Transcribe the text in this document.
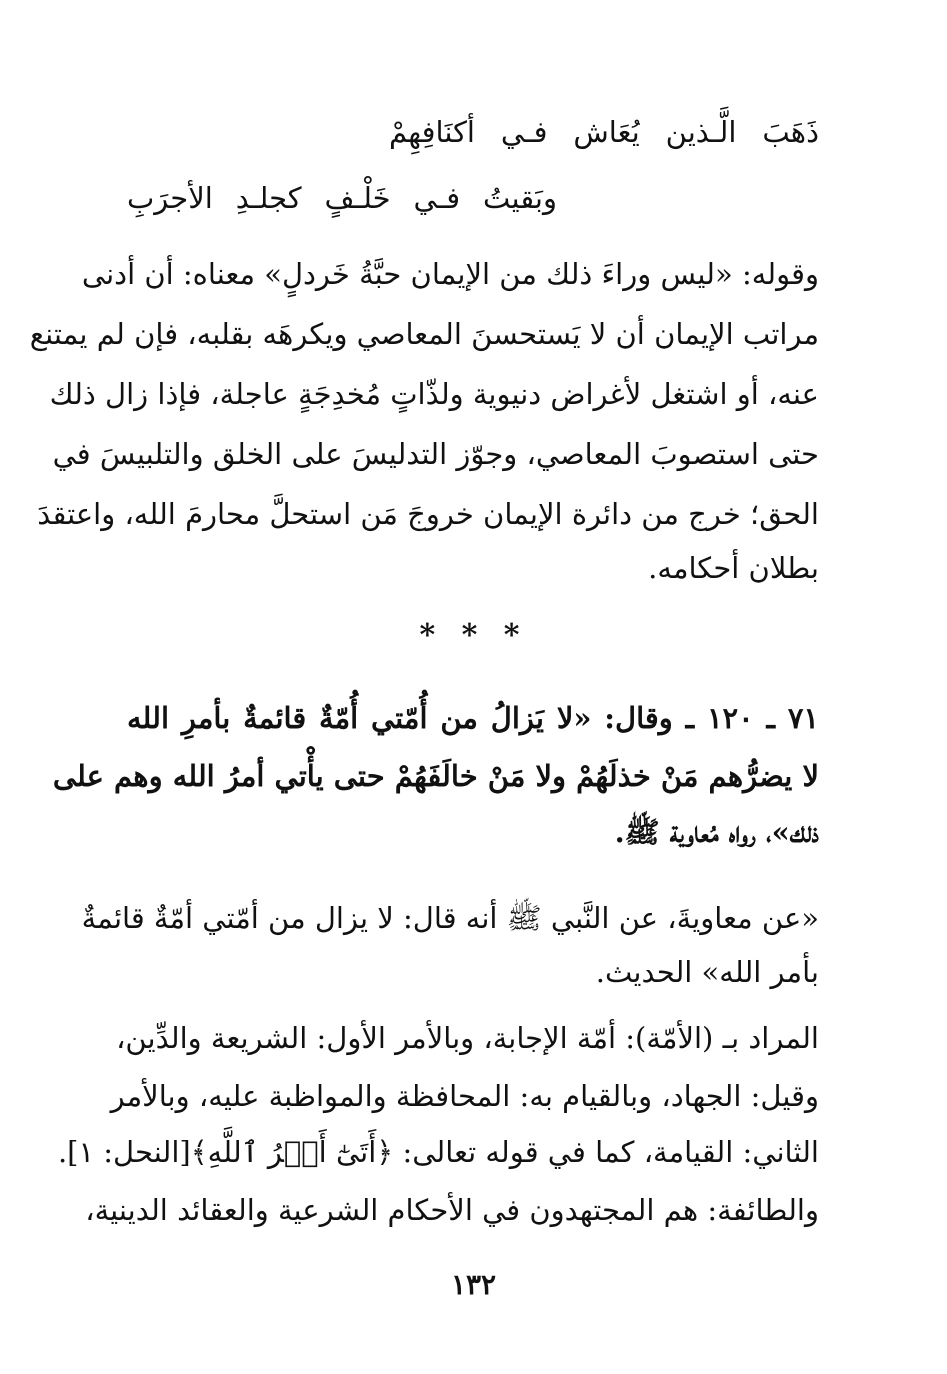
ذَهَبَ الَّـذين يُعَاش فـي أكنَافِهِمْ
وبَقيتُ فـي خَلْـفٍ كجلـدِ الأجرَبِ
وقوله: «ليس وراءَ ذلك من الإيمان حبَّةُ خَردلٍ» معناه: أن أدنى
مراتب الإيمان أن لا يَستحسنَ المعاصي ويكرهَه بقلبه، فإن لم يمتنع
عنه، أو اشتغل لأغراض دنيوية ولذّاتٍ مُخدِجَةٍ عاجلة، فإذا زال ذلك
حتى استصوبَ المعاصي، وجوّز التدليسَ على الخلق والتلبيسَ في
الحق؛ خرج من دائرة الإيمان خروجَ مَن استحلَّ محارمَ الله، واعتقدَ
بطلان أحكامه.
* * *
٧١ ـ ١٢٠ ـ وقال: «لا يَزالُ من أُمّتي أُمّةٌ قائمةٌ بأمرِ الله
لا يضرُّهم مَنْ خذلَهُمْ ولا مَنْ خالَفَهُمْ حتى يأْتي أمرُ الله وهم على
ذلك»، رواه مُعاوية ﷺ.
«عن معاويةَ، عن النَّبي ﷺ أنه قال: لا يزال من أمّتي أمّةٌ قائمةٌ
بأمر الله» الحديث.
المراد بـ (الأمّة): أمّة الإجابة، وبالأمر الأول: الشريعة والدِّين،
وقيل: الجهاد، وبالقيام به: المحافظة والمواظبة عليه، وبالأمر
الثاني: القيامة، كما في قوله تعالى: ﴿أَتَىٰٓ أَمۡرُ ٱللَّهِ﴾[النحل: ١].
والطائفة: هم المجتهدون في الأحكام الشرعية والعقائد الدينية،
١٣٢
